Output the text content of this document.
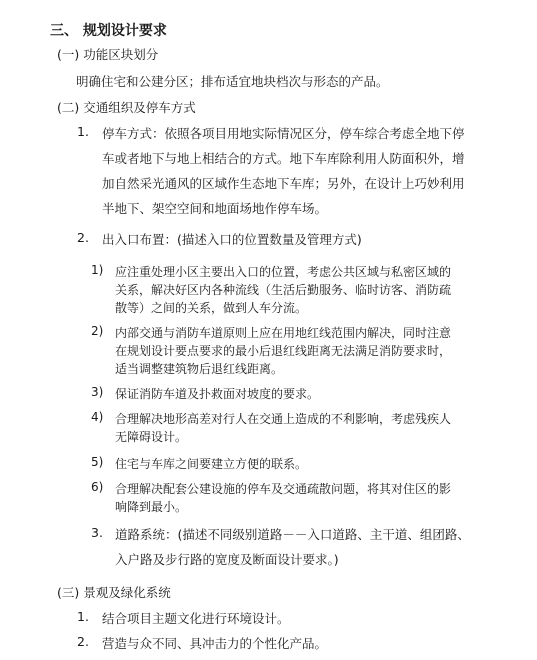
三、 规划设计要求
(一) 功能区块划分
明确住宅和公建分区；排布适宜地块档次与形态的产品。
(二) 交通组织及停车方式
1. 停车方式：依照各项目用地实际情况区分，停车综合考虑全地下停
车或者地下与地上相结合的方式。地下车库除利用人防面积外，增
加自然采光通风的区域作生态地下车库；另外，在设计上巧妙利用
半地下、架空空间和地面场地作停车场。
2. 出入口布置：(描述入口的位置数量及管理方式)
1) 应注重处理小区主要出入口的位置，考虑公共区域与私密区域的
关系，解决好区内各种流线（生活后勤服务、临时访客、消防疏
散等）之间的关系，做到人车分流。
2) 内部交通与消防车道原则上应在用地红线范围内解决，同时注意
在规划设计要点要求的最小后退红线距离无法满足消防要求时，
适当调整建筑物后退红线距离。
3) 保证消防车道及扑救面对坡度的要求。
4) 合理解决地形高差对行人在交通上造成的不利影响，考虑残疾人
无障碍设计。
5) 住宅与车库之间要建立方便的联系。
6) 合理解决配套公建设施的停车及交通疏散问题，将其对住区的影
响降到最小。
3. 道路系统：(描述不同级别道路－－入口道路、主干道、组团路、
入户路及步行路的宽度及断面设计要求。)
(三) 景观及绿化系统
1. 结合项目主题文化进行环境设计。
2. 营造与众不同、具冲击力的个性化产品。
